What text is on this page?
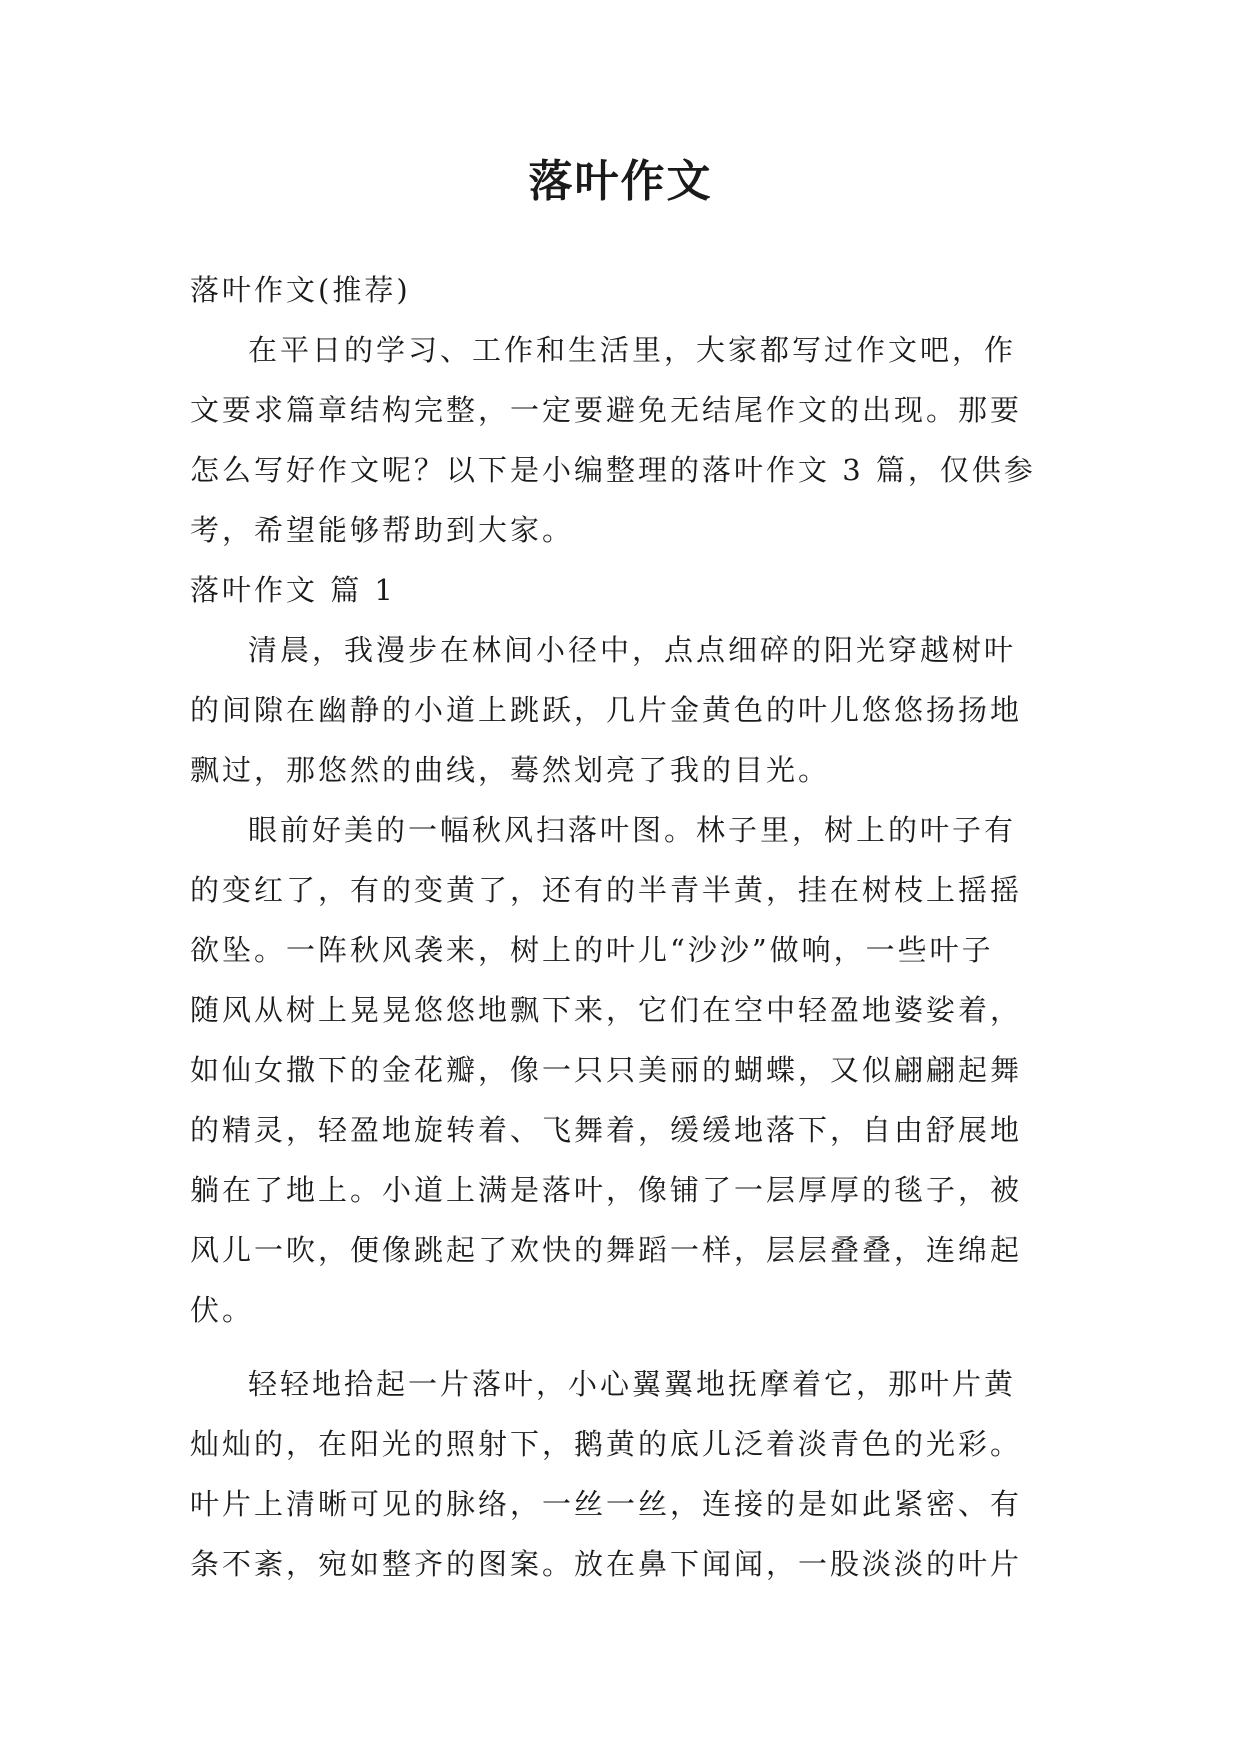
落叶作文

落叶作文(推荐)

在平日的学习、工作和生活里，大家都写过作文吧，作

文要求篇章结构完整，一定要避免无结尾作文的出现。那要

怎么写好作文呢？以下是小编整理的落叶作文 3 篇，仅供参

考，希望能够帮助到大家。

落叶作文 篇 1

清晨，我漫步在林间小径中，点点细碎的阳光穿越树叶

的间隙在幽静的小道上跳跃，几片金黄色的叶儿悠悠扬扬地

飘过，那悠然的曲线，蓦然划亮了我的目光。

眼前好美的一幅秋风扫落叶图。林子里，树上的叶子有

的变红了，有的变黄了，还有的半青半黄，挂在树枝上摇摇

欲坠。一阵秋风袭来，树上的叶儿“沙沙”做响，一些叶子

随风从树上晃晃悠悠地飘下来，它们在空中轻盈地婆娑着，

如仙女撒下的金花瓣，像一只只美丽的蝴蝶，又似翩翩起舞

的精灵，轻盈地旋转着、飞舞着，缓缓地落下，自由舒展地

躺在了地上。小道上满是落叶，像铺了一层厚厚的毯子，被

风儿一吹，便像跳起了欢快的舞蹈一样，层层叠叠，连绵起

伏。

轻轻地拾起一片落叶，小心翼翼地抚摩着它，那叶片黄

灿灿的，在阳光的照射下，鹅黄的底儿泛着淡青色的光彩。

叶片上清晰可见的脉络，一丝一丝，连接的是如此紧密、有

条不紊，宛如整齐的图案。放在鼻下闻闻，一股淡淡的叶片
